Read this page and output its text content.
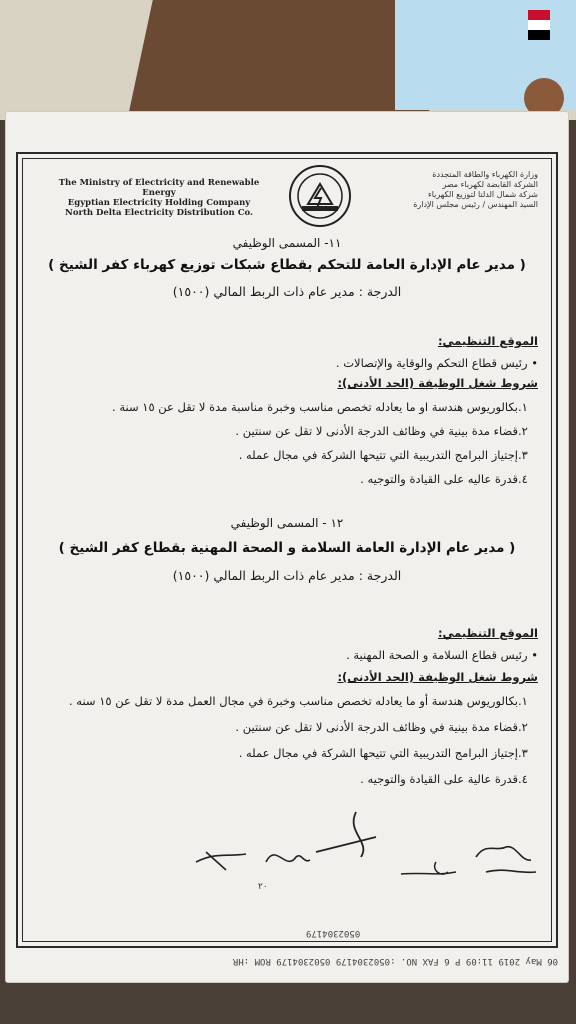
The Ministry of Electricity and Renewable Energy
Egyptian Electricity Holding Company
North Delta Electricity Distribution Co.
وزارة الكهرباء والطاقة المتجددة
الشركة القابضة لكهرباء مصر
شركة شمال الدلتا لتوزيع الكهرباء
السيد المهندس / رئيس مجلس الإدارة
١١- المسمى الوظيفي
( مدير عام الإدارة العامة للتحكم بقطاع شبكات توزيع كهرباء كفر الشيخ )
الدرجة : مدير عام ذات الربط المالي (١٥٠٠)
الموقع التنظيمي:
• رئيس قطاع التحكم والوقاية والإتصالات .
شروط شغل الوظيفة (الحد الأدنى):
١.بكالوريوس هندسة او ما يعادله تخصص مناسب وخبرة مناسبة مدة لا تقل عن ١٥ سنة .
٢.قضاء مدة بينية في وظائف الدرجة الأدنى لا تقل عن سنتين .
٣.إجتياز البرامج التدريبية التي تتيحها الشركة في مجال عمله .
٤.قدرة عاليه على القيادة والتوجيه .
١٢ - المسمى الوظيفي
( مدير عام الإدارة العامة السلامة و الصحة المهنية بقطاع كفر الشيخ )
الدرجة : مدير عام ذات الربط المالي (١٥٠٠)
الموقع التنظيمي:
• رئيس قطاع السلامة و الصحة المهنية .
شروط شغل الوظيفة (الحد الأدنى):
١.بكالوريوس هندسة أو ما يعادله تخصص مناسب وخبرة في مجال العمل مدة لا تقل عن ١٥ سنه .
٢.قضاء مدة بينية في وظائف الدرجة الأدنى لا تقل عن سنتين .
٣.إجتياز البرامج التدريبية التي تتيحها الشركة في مجال عمله .
٤.قدرة عالية على القيادة والتوجيه .
٢٠
0502304179
06 May 2019 11:09 P 6 FAX NO. :0502304179 0502304179 ROM :HR
